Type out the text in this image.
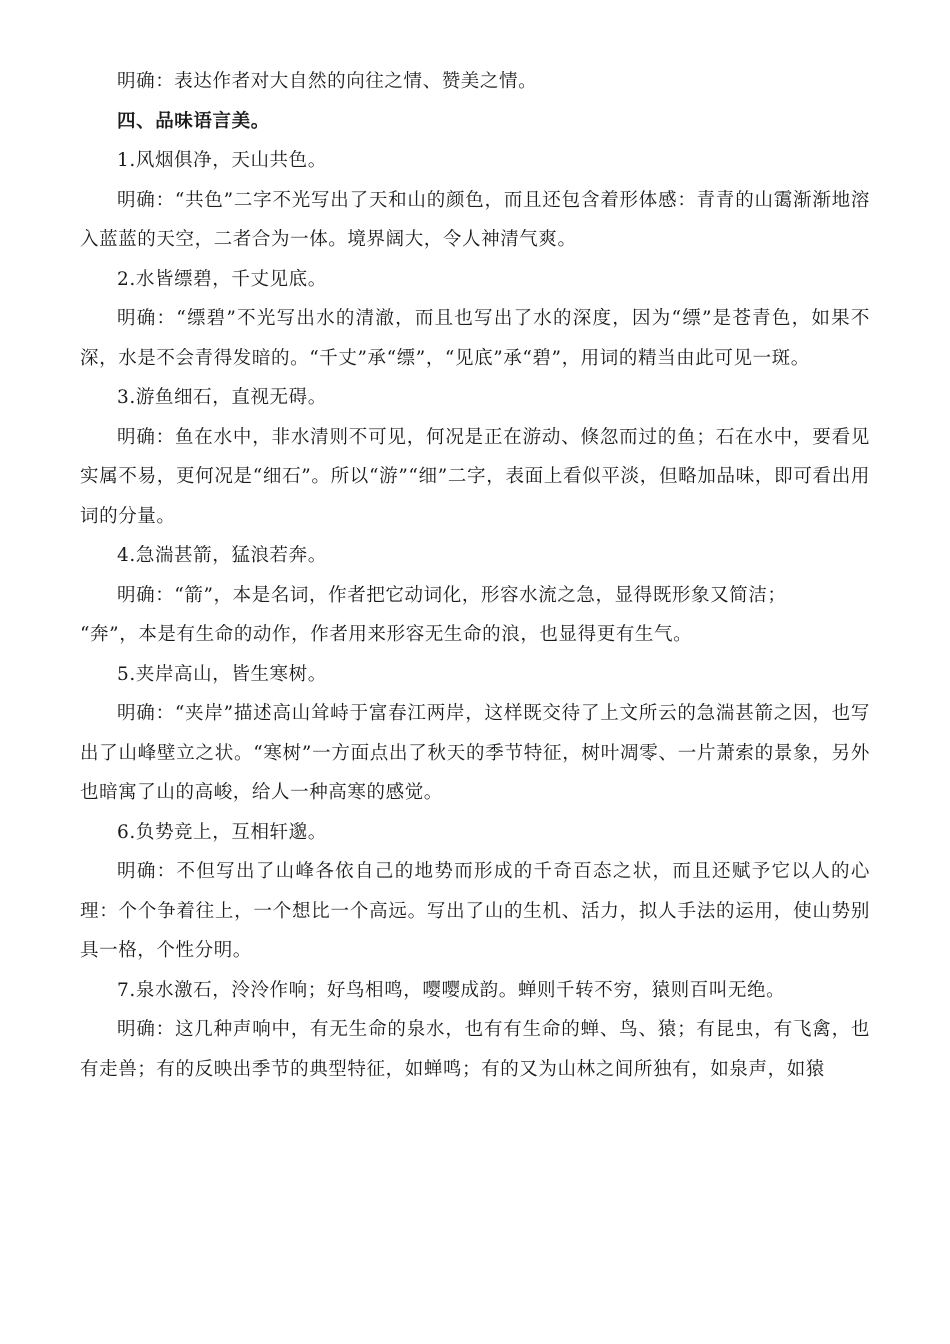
明确：表达作者对大自然的向往之情、赞美之情。

四、品味语言美。

1.风烟俱净，天山共色。

明确：“共色”二字不光写出了天和山的颜色，而且还包含着形体感：青青的山霭渐渐地溶入蓝蓝的天空，二者合为一体。境界阔大，令人神清气爽。

2.水皆缥碧，千丈见底。

明确：“缥碧”不光写出水的清澈，而且也写出了水的深度，因为“缥”是苍青色，如果不深，水是不会青得发暗的。“千丈”承“缥”，“见底”承“碧”，用词的精当由此可见一斑。

3.游鱼细石，直视无碍。

明确：鱼在水中，非水清则不可见，何况是正在游动、倏忽而过的鱼；石在水中，要看见实属不易，更何况是“细石”。所以“游”“细”二字，表面上看似平淡，但略加品味，即可看出用词的分量。

4.急湍甚箭，猛浪若奔。

明确：“箭”，本是名词，作者把它动词化，形容水流之急，显得既形象又简洁；

“奔”，本是有生命的动作，作者用来形容无生命的浪，也显得更有生气。

5.夹岸高山，皆生寒树。

明确：“夹岸”描述高山耸峙于富春江两岸，这样既交待了上文所云的急湍甚箭之因，也写出了山峰壁立之状。“寒树”一方面点出了秋天的季节特征，树叶凋零、一片萧索的景象，另外也暗寓了山的高峻，给人一种高寒的感觉。

6.负势竞上，互相轩邈。

明确：不但写出了山峰各依自己的地势而形成的千奇百态之状，而且还赋予它以人的心理：个个争着往上，一个想比一个高远。写出了山的生机、活力，拟人手法的运用，使山势别具一格，个性分明。

7.泉水激石，泠泠作响；好鸟相鸣，嘤嘤成韵。蝉则千转不穷，猿则百叫无绝。

明确：这几种声响中，有无生命的泉水，也有有生命的蝉、鸟、猿；有昆虫，有飞禽，也有走兽；有的反映出季节的典型特征，如蝉鸣；有的又为山林之间所独有，如泉声，如猿
